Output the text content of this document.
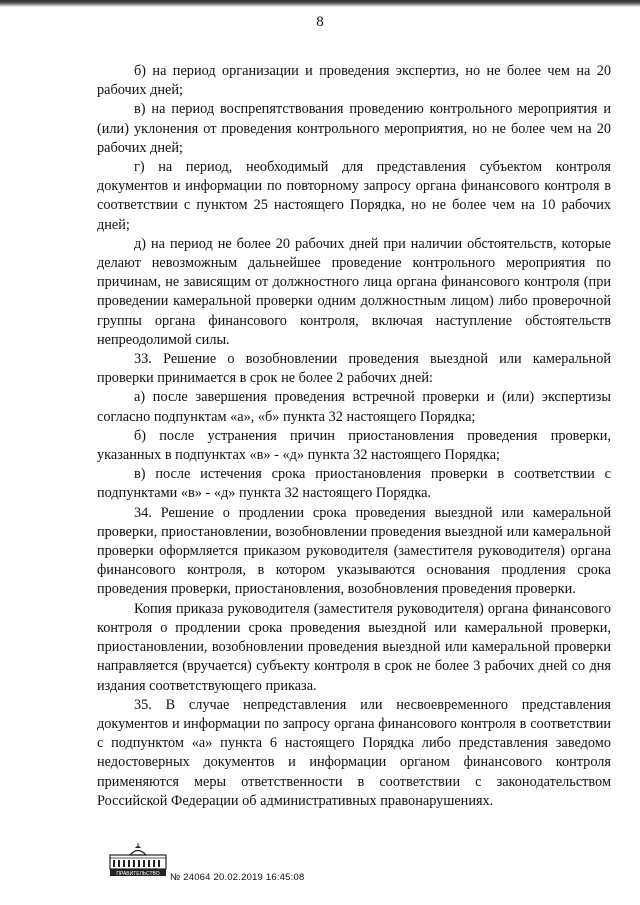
8

б) на период организации и проведения экспертиз, но не более чем на 20 рабочих дней;

в) на период воспрепятствования проведению контрольного мероприятия и (или) уклонения от проведения контрольного мероприятия, но не более чем на 20 рабочих дней;

г) на период, необходимый для представления субъектом контроля документов и информации по повторному запросу органа финансового контроля в соответствии с пунктом 25 настоящего Порядка, но не более чем на 10 рабочих дней;

д) на период не более 20 рабочих дней при наличии обстоятельств, которые делают невозможным дальнейшее проведение контрольного мероприятия по причинам, не зависящим от должностного лица органа финансового контроля (при проведении камеральной проверки одним должностным лицом) либо проверочной группы органа финансового контроля, включая наступление обстоятельств непреодолимой силы.

33. Решение о возобновлении проведения выездной или камеральной проверки принимается в срок не более 2 рабочих дней:

а) после завершения проведения встречной проверки и (или) экспертизы согласно подпунктам «а», «б» пункта 32 настоящего Порядка;

б) после устранения причин приостановления проведения проверки, указанных в подпунктах «в» - «д» пункта 32 настоящего Порядка;

в) после истечения срока приостановления проверки в соответствии с подпунктами «в» - «д» пункта 32 настоящего Порядка.

34. Решение о продлении срока проведения выездной или камеральной проверки, приостановлении, возобновлении проведения выездной или камеральной проверки оформляется приказом руководителя (заместителя руководителя) органа финансового контроля, в котором указываются основания продления срока проведения проверки, приостановления, возобновления проведения проверки.

Копия приказа руководителя (заместителя руководителя) органа финансового контроля о продлении срока проведения выездной или камеральной проверки, приостановлении, возобновлении проведения выездной или камеральной проверки направляется (вручается) субъекту контроля в срок не более 3 рабочих дней со дня издания соответствующего приказа.

35. В случае непредставления или несвоевременного представления документов и информации по запросу органа финансового контроля в соответствии с подпунктом «а» пункта 6 настоящего Порядка либо представления заведомо недостоверных документов и информации органом финансового контроля применяются меры ответственности в соответствии с законодательством Российской Федерации об административных правонарушениях.

ПРАВИТЕЛЬСТВО № 24064 20.02.2019 16:45:08
